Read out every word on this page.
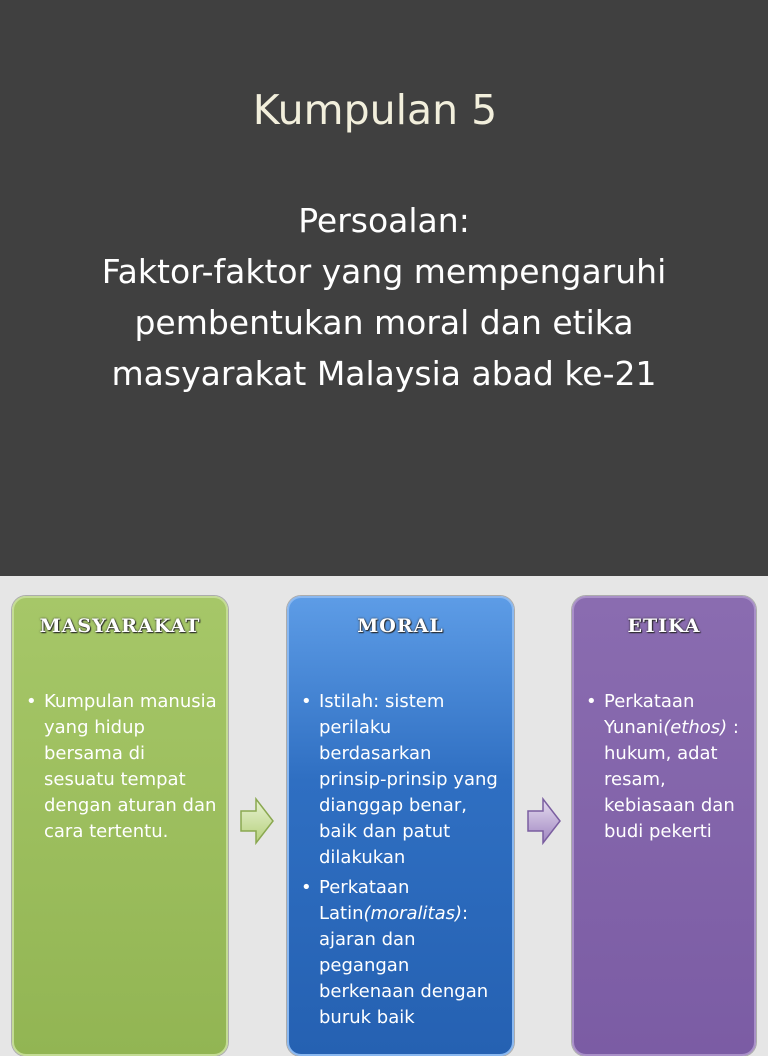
Kumpulan 5
Persoalan:
Faktor-faktor yang mempengaruhi
pembentukan moral dan etika
masyarakat Malaysia abad ke-21
MASYARAKAT
• Kumpulan manusia yang hidup bersama di sesuatu tempat dengan aturan dan cara tertentu.
MORAL
• Istilah: sistem perilaku berdasarkan prinsip-prinsip yang dianggap benar, baik dan patut dilakukan
• Perkataan Latin(moralitas): ajaran dan pegangan berkenaan dengan buruk baik
ETIKA
• Perkataan Yunani(ethos) : hukum, adat resam, kebiasaan dan budi pekerti
